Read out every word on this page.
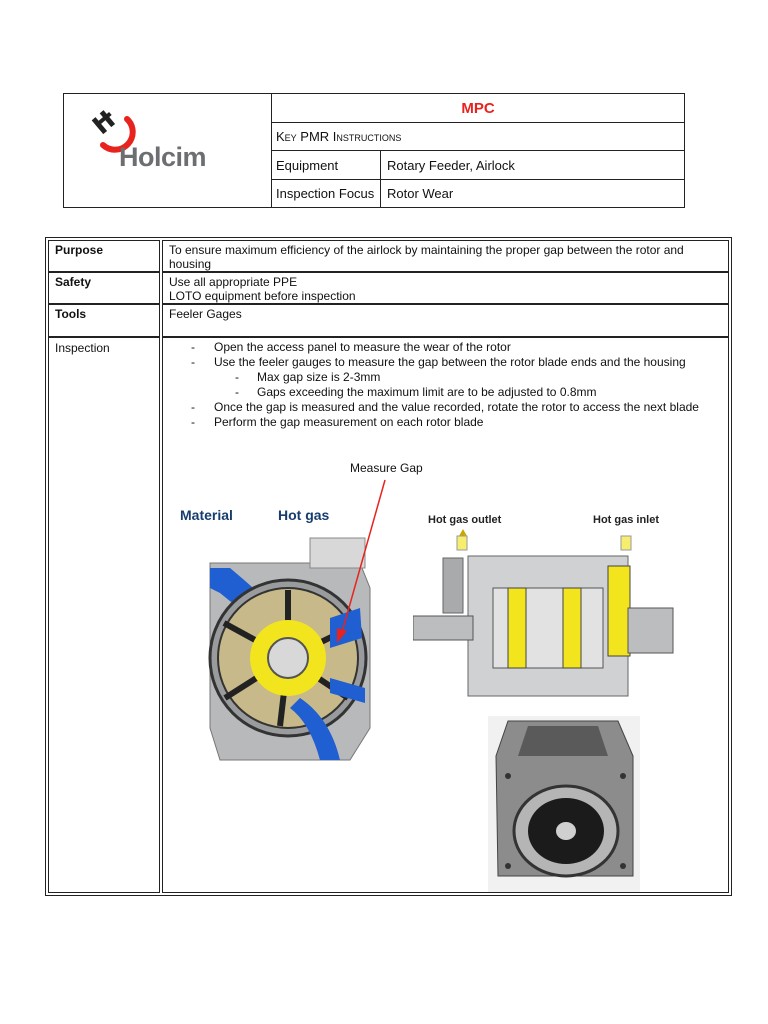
Holcim
MPC
Key PMR Instructions
Equipment	Rotary Feeder, Airlock
Inspection Focus Rotor Wear
Purpose	To ensure maximum efficiency of the airlock by maintaining the proper gap between the rotor and housing
Safety	Use all appropriate PPE
LOTO equipment before inspection
Tools	Feeler Gages
Inspection
-	Open the access panel to measure the wear of the rotor
- Use the feeler gauges to measure the gap between the rotor blade ends and the housing
- Max gap size is 2-3mm
- Gaps exceeding the maximum limit are to be adjusted to 0.8mm
- Once the gap is measured and the value recorded, rotate the rotor to access the next blade
- Perform the gap measurement on each rotor blade
Measure Gap
Material	Hot gas	Hot gas outlet	Hot gas inlet
